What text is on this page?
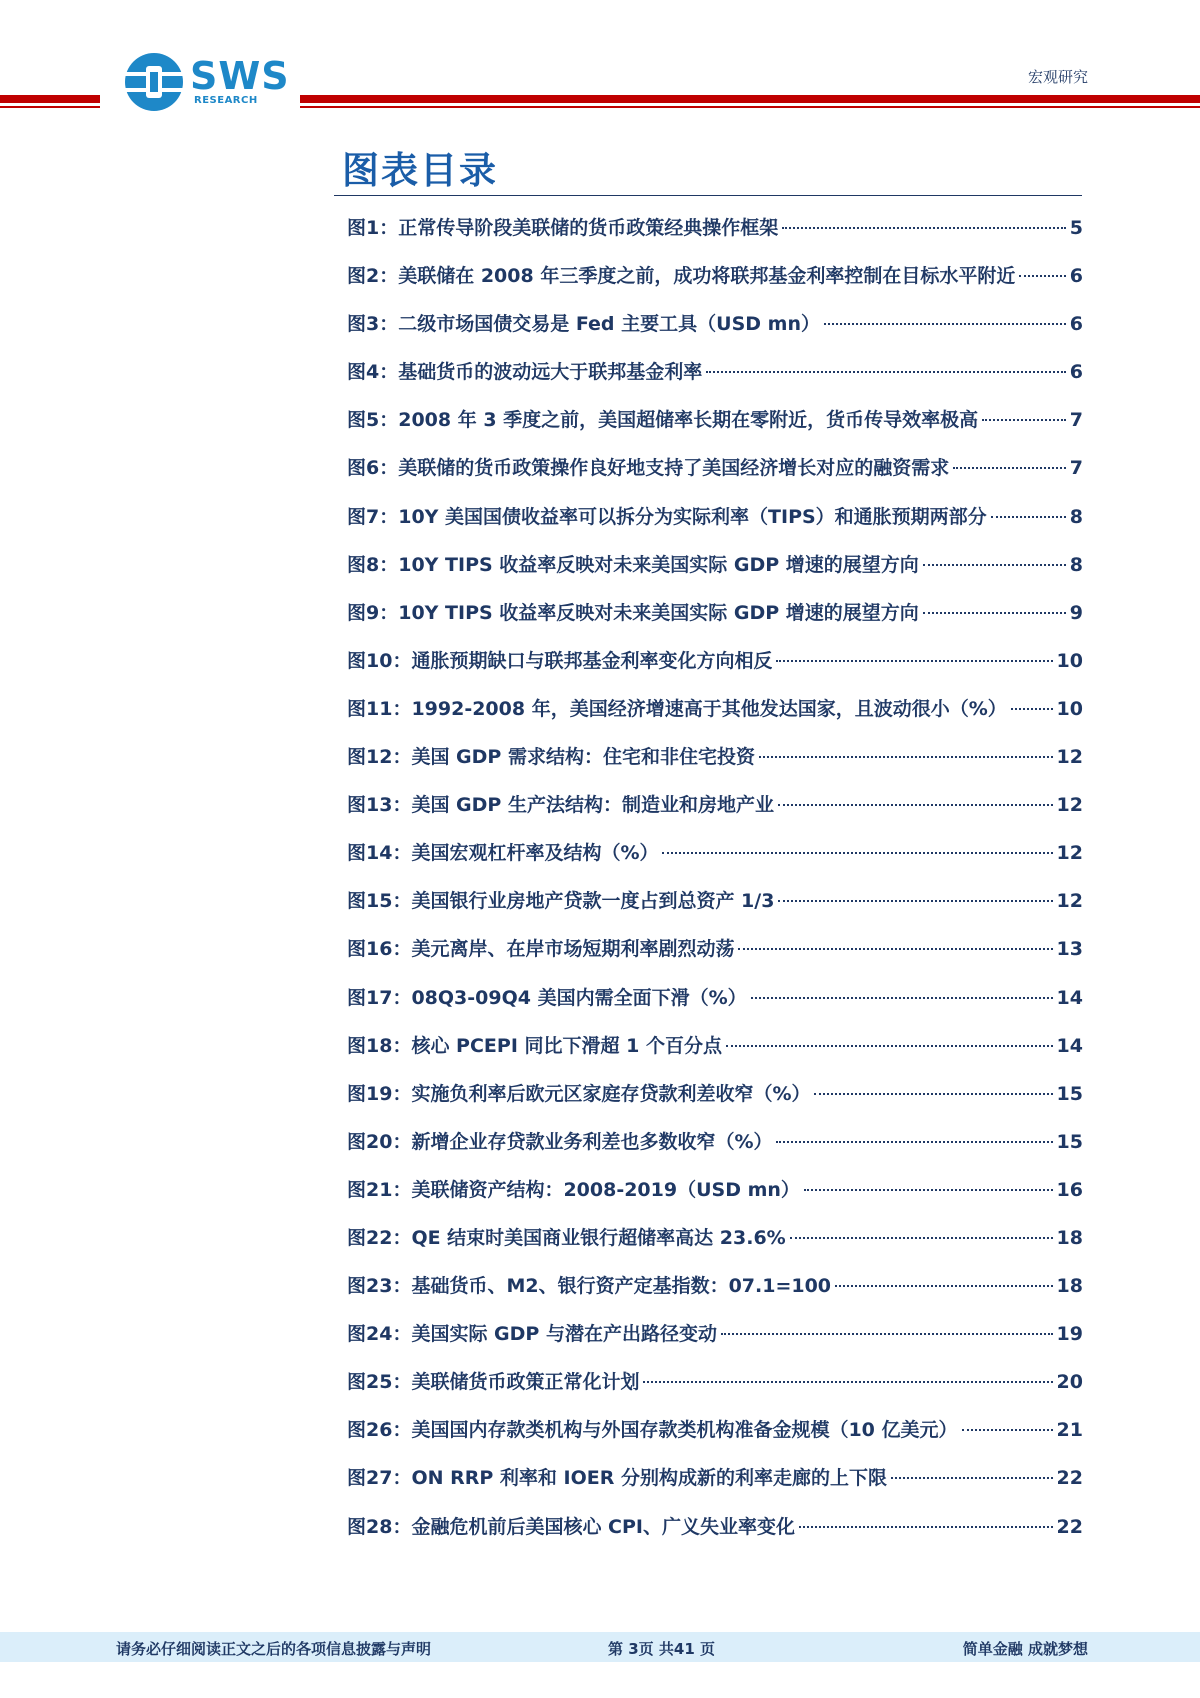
SWS
RESEARCH
宏观研究
图表目录
图1：正常传导阶段美联储的货币政策经典操作框架	5
图2：美联储在 2008 年三季度之前，成功将联邦基金利率控制在目标水平附近	6
图3：二级市场国债交易是 Fed 主要工具（USD mn）	6
图4：基础货币的波动远大于联邦基金利率	6
图5：2008 年 3 季度之前，美国超储率长期在零附近，货币传导效率极高	7
图6：美联储的货币政策操作良好地支持了美国经济增长对应的融资需求	7
图7：10Y 美国国债收益率可以拆分为实际利率（TIPS）和通胀预期两部分	8
图8：10Y TIPS 收益率反映对未来美国实际 GDP 增速的展望方向	8
图9：10Y TIPS 收益率反映对未来美国实际 GDP 增速的展望方向	9
图10：通胀预期缺口与联邦基金利率变化方向相反	10
图11：1992-2008 年，美国经济增速高于其他发达国家，且波动很小（%）	10
图12：美国 GDP 需求结构：住宅和非住宅投资	12
图13：美国 GDP 生产法结构：制造业和房地产业	12
图14：美国宏观杠杆率及结构（%）	12
图15：美国银行业房地产贷款一度占到总资产 1/3	12
图16：美元离岸、在岸市场短期利率剧烈动荡	13
图17：08Q3-09Q4 美国内需全面下滑（%）	14
图18：核心 PCEPI 同比下滑超 1 个百分点	14
图19：实施负利率后欧元区家庭存贷款利差收窄（%）	15
图20：新增企业存贷款业务利差也多数收窄（%）	15
图21：美联储资产结构：2008-2019（USD mn）	16
图22：QE 结束时美国商业银行超储率高达 23.6%	18
图23：基础货币、M2、银行资产定基指数：07.1=100	18
图24：美国实际 GDP 与潜在产出路径变动	19
图25：美联储货币政策正常化计划	20
图26：美国国内存款类机构与外国存款类机构准备金规模（10 亿美元）	21
图27：ON RRP 利率和 IOER 分别构成新的利率走廊的上下限	22
图28：金融危机前后美国核心 CPI、广义失业率变化	22
请务必仔细阅读正文之后的各项信息披露与声明	第 3页 共41 页	简单金融 成就梦想
